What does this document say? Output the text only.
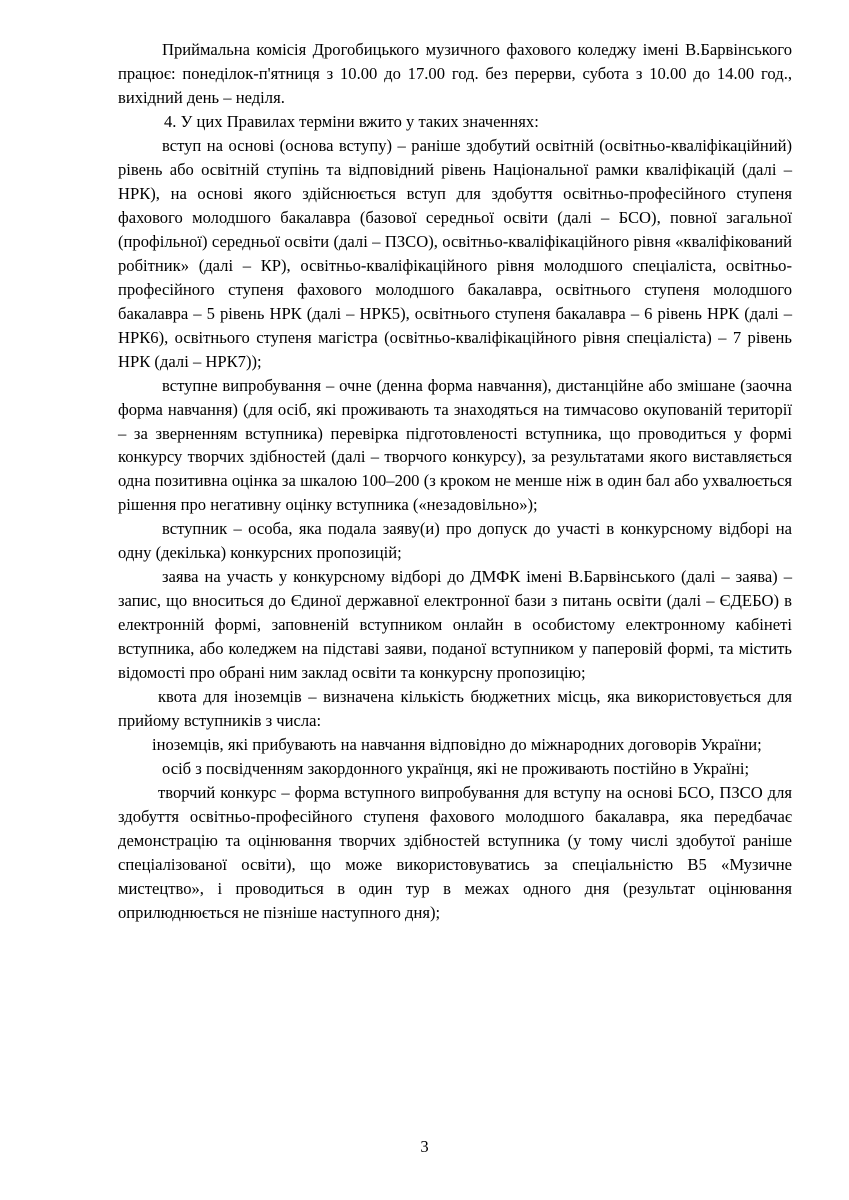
Приймальна комісія Дрогобицького музичного фахового коледжу імені В.Барвінського працює: понеділок-п'ятниця з 10.00 до 17.00 год. без перерви, субота з 10.00 до 14.00 год., вихідний день – неділя.

4. У цих Правилах терміни вжито у таких значеннях:

вступ на основі (основа вступу) – раніше здобутий освітній (освітньо-кваліфікаційний) рівень або освітній ступінь та відповідний рівень Національної рамки кваліфікацій (далі – НРК), на основі якого здійснюється вступ для здобуття освітньо-професійного ступеня фахового молодшого бакалавра (базової середньої освіти (далі – БСО), повної загальної (профільної) середньої освіти (далі – ПЗСО), освітньо-кваліфікаційного рівня «кваліфікований робітник» (далі – КР), освітньо-кваліфікаційного рівня молодшого спеціаліста, освітньо-професійного ступеня фахового молодшого бакалавра, освітнього ступеня молодшого бакалавра – 5 рівень НРК (далі – НРК5), освітнього ступеня бакалавра – 6 рівень НРК (далі – НРК6), освітнього ступеня магістра (освітньо-кваліфікаційного рівня спеціаліста) – 7 рівень НРК (далі – НРК7));

вступне випробування – очне (денна форма навчання), дистанційне або змішане (заочна форма навчання) (для осіб, які проживають та знаходяться на тимчасово окупованій території – за зверненням вступника) перевірка підготовленості вступника, що проводиться у формі конкурсу творчих здібностей (далі – творчого конкурсу), за результатами якого виставляється одна позитивна оцінка за шкалою 100–200 (з кроком не менше ніж в один бал або ухвалюється рішення про негативну оцінку вступника («незадовільно»);

вступник – особа, яка подала заяву(и) про допуск до участі в конкурсному відборі на одну (декілька) конкурсних пропозицій;

заява на участь у конкурсному відборі до ДМФК імені В.Барвінського (далі – заява) – запис, що вноситься до Єдиної державної електронної бази з питань освіти (далі – ЄДЕБО) в електронній формі, заповненій вступником онлайн в особистому електронному кабінеті вступника, або коледжем на підставі заяви, поданої вступником у паперовій формі, та містить відомості про обрані ним заклад освіти та конкурсну пропозицію;

квота для іноземців – визначена кількість бюджетних місць, яка використовується для прийому вступників з числа:

іноземців, які прибувають на навчання відповідно до міжнародних договорів України;

осіб з посвідченням закордонного українця, які не проживають постійно в Україні;

творчий конкурс – форма вступного випробування для вступу на основі БСО, ПЗСО для здобуття освітньо-професійного ступеня фахового молодшого бакалавра, яка передбачає демонстрацію та оцінювання творчих здібностей вступника (у тому числі здобутої раніше спеціалізованої освіти), що може використовуватись за спеціальністю В5 «Музичне мистецтво», і проводиться в один тур в межах одного дня (результат оцінювання оприлюднюється не пізніше наступного дня);

3
